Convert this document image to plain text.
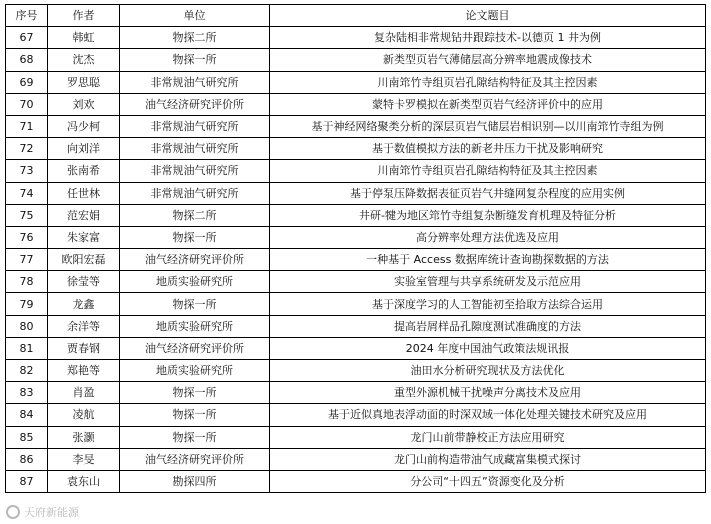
序号	作者	单位	论文题目
67	韩虹	物探二所	复杂陆相非常规钻井跟踪技术-以德页 1 井为例
68	沈杰	物探一所	新类型页岩气薄储层高分辨率地震成像技术
69	罗思聪	非常规油气研究所	川南筇竹寺组页岩孔隙结构特征及其主控因素
70	刘欢	油气经济研究评价所	蒙特卡罗模拟在新类型页岩气经济评价中的应用
71	冯少柯	非常规油气研究所	基于神经网络聚类分析的深层页岩气储层岩相识别—以川南筇竹寺组为例
72	向刘洋	非常规油气研究所	基于数值模拟方法的新老井压力干扰及影响研究
73	张南希	非常规油气研究所	川南筇竹寺组页岩孔隙结构特征及其主控因素
74	任世林	非常规油气研究所	基于停泵压降数据表征页岩气井缝网复杂程度的应用实例
75	范宏娟	物探二所	井研-犍为地区筇竹寺组复杂断缝发育机理及特征分析
76	朱家富	物探一所	高分辨率处理方法优选及应用
77	欧阳宏磊	油气经济研究评价所	一种基于 Access 数据库统计查询勘探数据的方法
78	徐莹等	地质实验研究所	实验室管理与共享系统研发及示范应用
79	龙鑫	物探一所	基于深度学习的人工智能初至拾取方法综合运用
80	余洋等	地质实验研究所	提高岩屑样品孔隙度测试准确度的方法
81	贾春钢	油气经济研究评价所	2024 年度中国油气政策法规讯报
82	郑艳等	地质实验研究所	油田水分析研究现状及方法优化
83	肖盈	物探一所	重型外源机械干扰噪声分离技术及应用
84	凌航	物探一所	基于近似真地表浮动面的时深双域一体化处理关键技术研究及应用
85	张灏	物探一所	龙门山前带静校正方法应用研究
86	李旻	油气经济研究评价所	龙门山前构造带油气成藏富集模式探讨
87	袁东山	勘探四所	分公司“十四五”资源变化及分析
天府新能源
